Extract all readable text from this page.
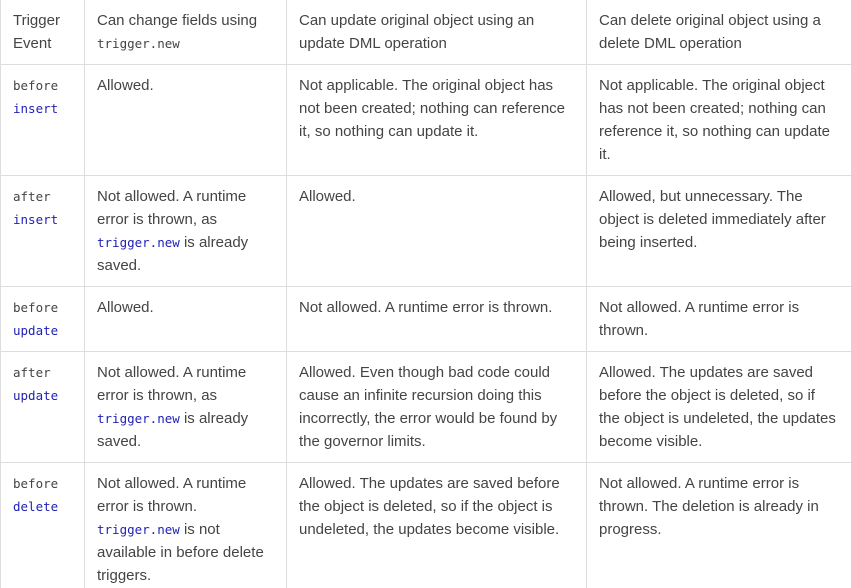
Trigger Event	Can change fields using trigger.new	Can update original object using an update DML operation	Can delete original object using a delete DML operation
before
insert	Allowed.	Not applicable. The original object has not been created; nothing can reference it, so nothing can update it.	Not applicable. The original object has not been created; nothing can reference it, so nothing can update it.
after
insert	Not allowed. A runtime error is thrown, as trigger.new is already saved.	Allowed.	Allowed, but unnecessary. The object is deleted immediately after being inserted.
before
update	Allowed.	Not allowed. A runtime error is thrown.	Not allowed. A runtime error is thrown.
after
update	Not allowed. A runtime error is thrown, as trigger.new is already saved.	Allowed. Even though bad code could cause an infinite recursion doing this incorrectly, the error would be found by the governor limits.	Allowed. The updates are saved before the object is deleted, so if the object is undeleted, the updates become visible.
before
delete	Not allowed. A runtime error is thrown. trigger.new is not available in before delete triggers.	Allowed. The updates are saved before the object is deleted, so if the object is undeleted, the updates become visible.	Not allowed. A runtime error is thrown. The deletion is already in progress.
